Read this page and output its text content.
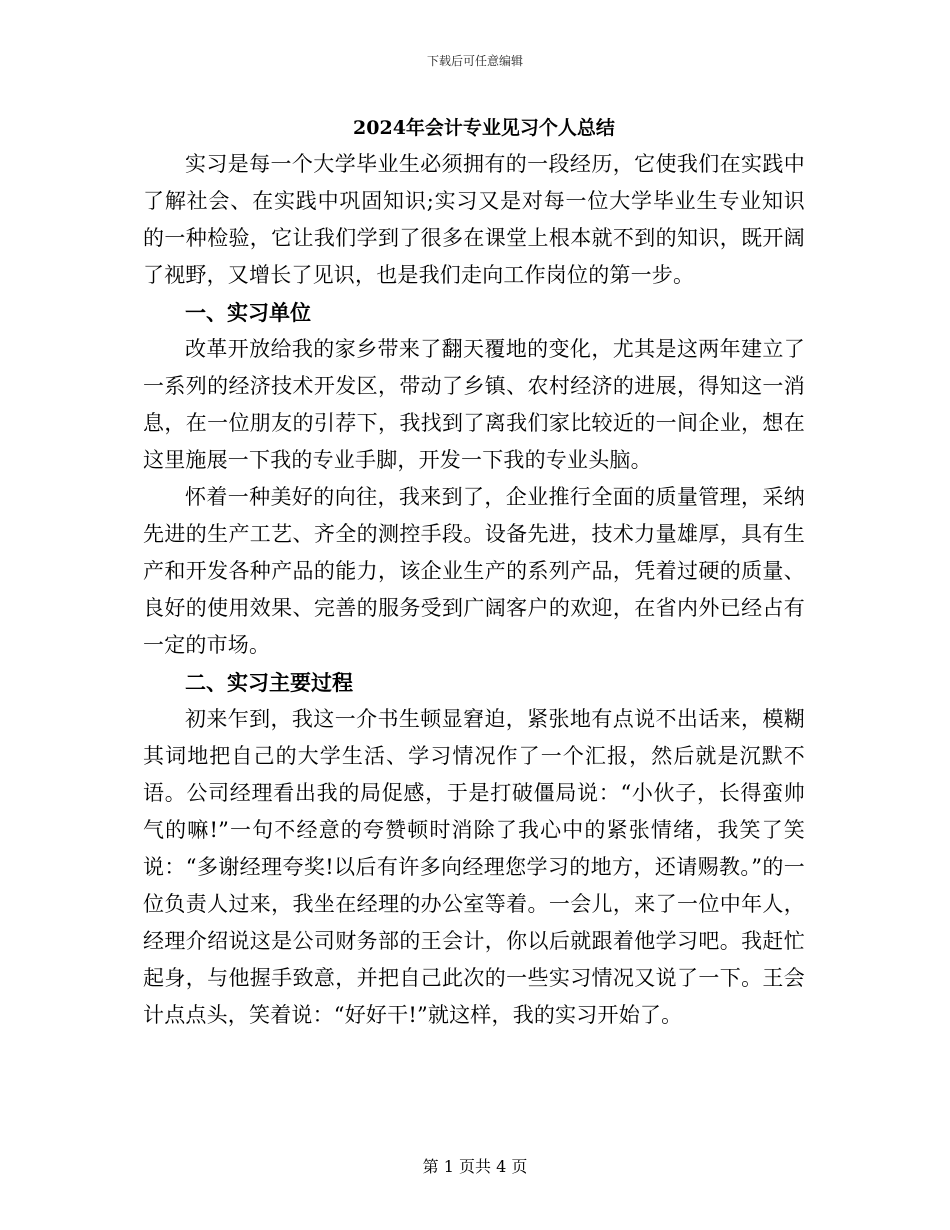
下载后可任意编辑
2024年会计专业见习个人总结

实习是每一个大学毕业生必须拥有的一段经历，它使我们在实践中了解社会、在实践中巩固知识;实习又是对每一位大学毕业生专业知识的一种检验，它让我们学到了很多在课堂上根本就不到的知识，既开阔了视野，又增长了见识，也是我们走向工作岗位的第一步。

一、实习单位

改革开放给我的家乡带来了翻天覆地的变化，尤其是这两年建立了一系列的经济技术开发区，带动了乡镇、农村经济的进展，得知这一消息，在一位朋友的引荐下，我找到了离我们家比较近的一间企业，想在这里施展一下我的专业手脚，开发一下我的专业头脑。

怀着一种美好的向往，我来到了，企业推行全面的质量管理，采纳先进的生产工艺、齐全的测控手段。设备先进，技术力量雄厚，具有生产和开发各种产品的能力，该企业生产的系列产品，凭着过硬的质量、良好的使用效果、完善的服务受到广阔客户的欢迎，在省内外已经占有一定的市场。

二、实习主要过程

初来乍到，我这一介书生顿显窘迫，紧张地有点说不出话来，模糊其词地把自己的大学生活、学习情况作了一个汇报，然后就是沉默不语。公司经理看出我的局促感，于是打破僵局说：“小伙子，长得蛮帅气的嘛!”一句不经意的夸赞顿时消除了我心中的紧张情绪，我笑了笑说：“多谢经理夸奖!以后有许多向经理您学习的地方，还请赐教。”的一位负责人过来，我坐在经理的办公室等着。一会儿，来了一位中年人，经理介绍说这是公司财务部的王会计，你以后就跟着他学习吧。我赶忙起身，与他握手致意，并把自己此次的一些实习情况又说了一下。王会计点点头，笑着说：“好好干!”就这样，我的实习开始了。

第 1 页共 4 页
